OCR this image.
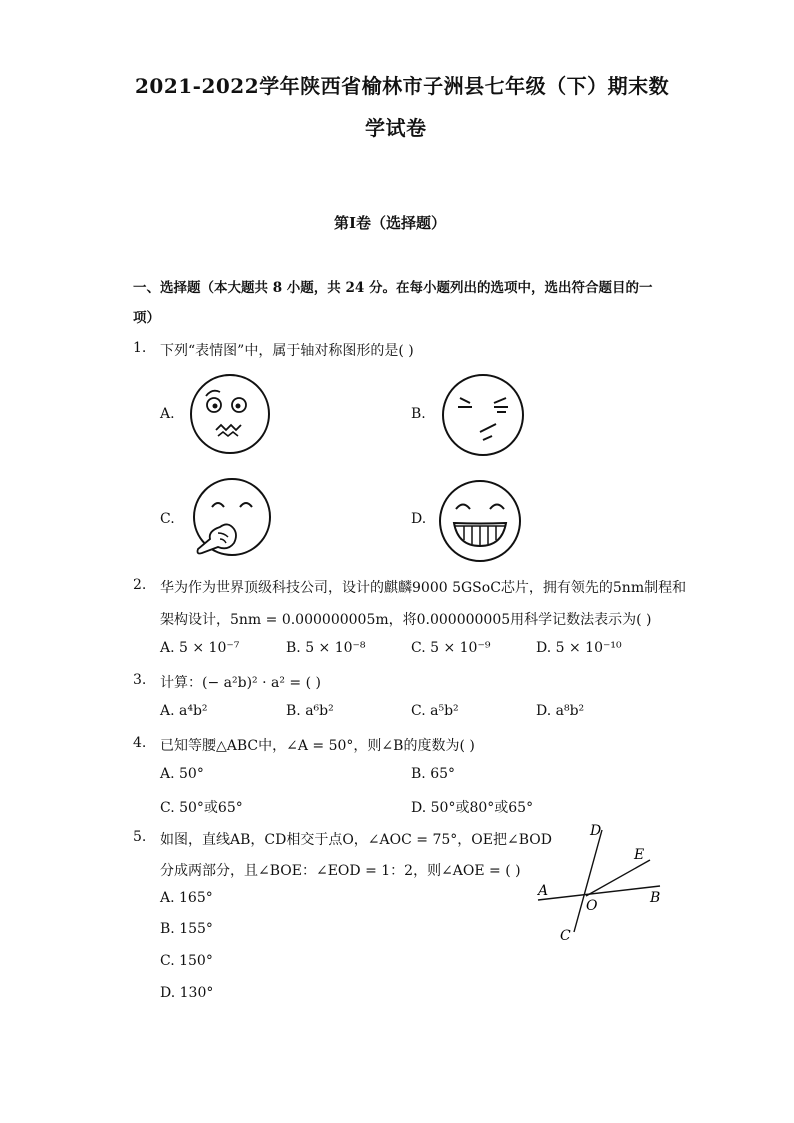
2021-2022学年陕西省榆林市子洲县七年级（下）期末数
学试卷
第I卷（选择题）
一、选择题（本大题共 8 小题，共 24 分。在每小题列出的选项中，选出符合题目的一
项）
1. 下列“表情图”中，属于轴对称图形的是( )
A.	B.
C.	D.
2. 华为作为世界顶级科技公司，设计的麒麟9000 5GSoC芯片，拥有领先的5nm制程和
架构设计，5nm = 0.000000005m，将0.000000005用科学记数法表示为( )
A. 5 × 10⁻⁷	B. 5 × 10⁻⁸	C. 5 × 10⁻⁹	D. 5 × 10⁻¹⁰
3. 计算：(− a²b)² · a² = ( )
A. a⁴b²	B. a⁶b²	C. a⁵b²	D. a⁸b²
4. 已知等腰△ABC中，∠A = 50°，则∠B的度数为( )
A. 50°	B. 65°
C. 50°或65°	D. 50°或80°或65°
5. 如图，直线AB，CD相交于点O，∠AOC = 75°，OE把∠BOD
分成两部分，且∠BOE：∠EOD = 1：2，则∠AOE = ( )
A. 165°
B. 155°
C. 150°
D. 130°
D
E
A
O	B
C
